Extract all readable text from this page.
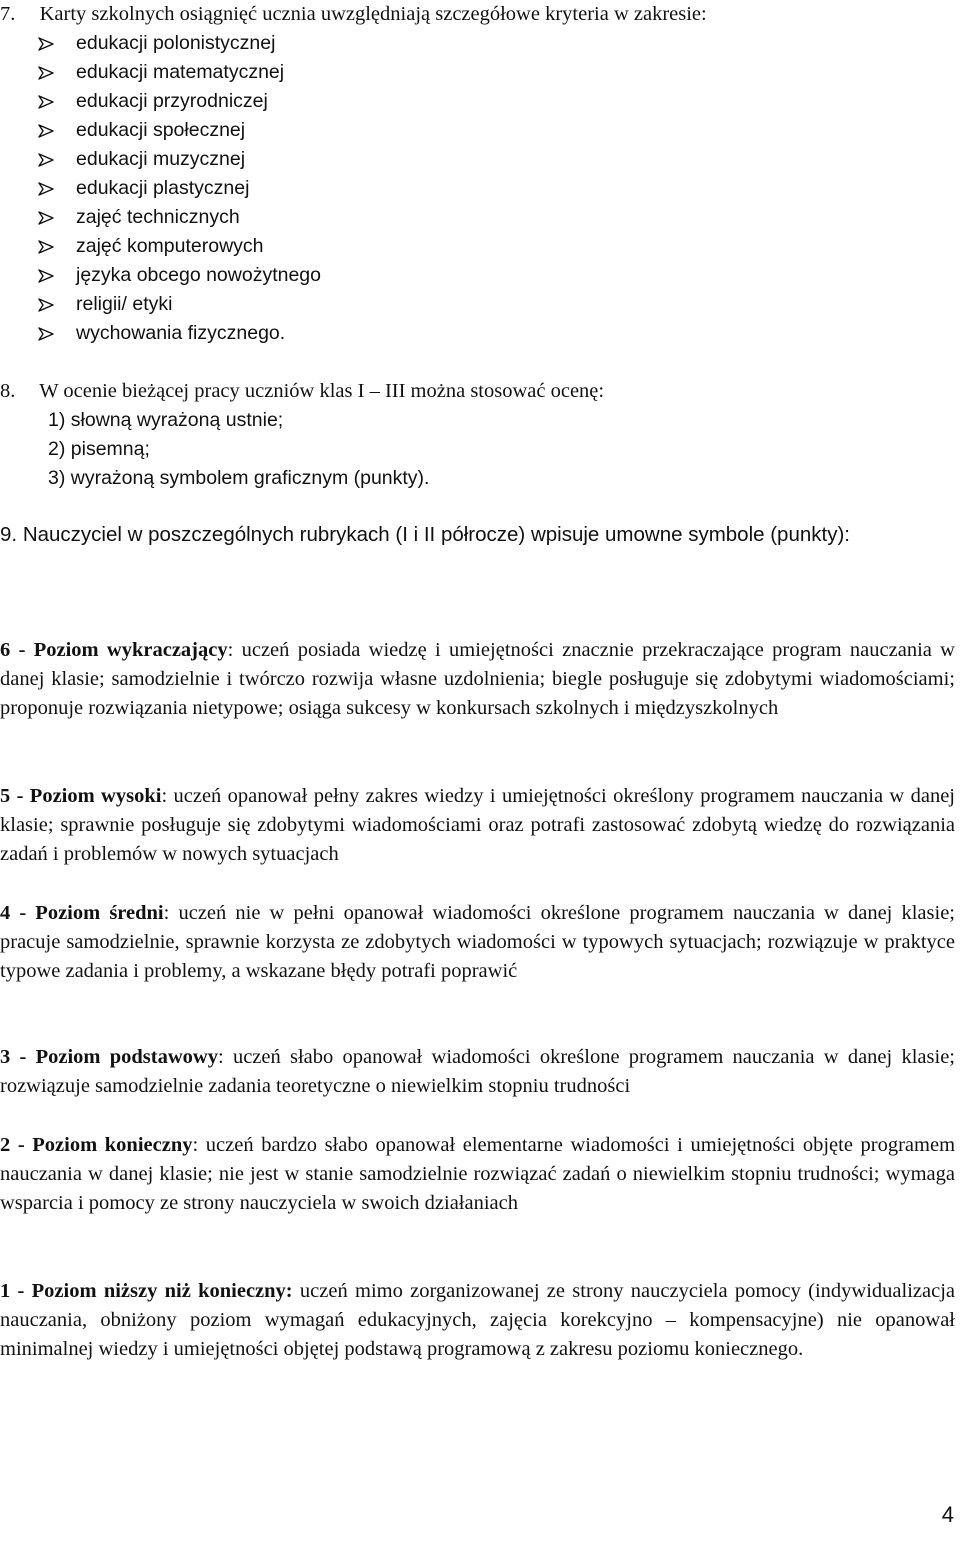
7. Karty szkolnych osiągnięć ucznia uwzględniają szczegółowe kryteria w zakresie:
edukacji polonistycznej
edukacji matematycznej
edukacji przyrodniczej
edukacji społecznej
edukacji muzycznej
edukacji plastycznej
zajęć technicznych
zajęć komputerowych
języka obcego nowożytnego
religii/ etyki
wychowania fizycznego.
8. W ocenie bieżącej pracy uczniów klas I – III można stosować ocenę:
1) słowną wyrażoną ustnie;
2) pisemną;
3) wyrażoną symbolem graficznym (punkty).
9. Nauczyciel w poszczególnych rubrykach (I i II półrocze) wpisuje umowne symbole (punkty):
6 - Poziom wykraczający: uczeń posiada wiedzę i umiejętności znacznie przekraczające program nauczania w danej klasie; samodzielnie i twórczo rozwija własne uzdolnienia; biegle posługuje się zdobytymi wiadomościami; proponuje rozwiązania nietypowe; osiąga sukcesy w konkursach szkolnych i międzyszkolnych
5 - Poziom wysoki: uczeń opanował pełny zakres wiedzy i umiejętności określony programem nauczania w danej klasie; sprawnie posługuje się zdobytymi wiadomościami oraz potrafi zastosować zdobytą wiedzę do rozwiązania zadań i problemów w nowych sytuacjach
4 - Poziom średni: uczeń nie w pełni opanował wiadomości określone programem nauczania w danej klasie; pracuje samodzielnie, sprawnie korzysta ze zdobytych wiadomości w typowych sytuacjach; rozwiązuje w praktyce typowe zadania i problemy, a wskazane błędy potrafi poprawić
3 - Poziom podstawowy: uczeń słabo opanował wiadomości określone programem nauczania w danej klasie; rozwiązuje samodzielnie zadania teoretyczne o niewielkim stopniu trudności
2 - Poziom konieczny: uczeń bardzo słabo opanował elementarne wiadomości i umiejętności objęte programem nauczania w danej klasie; nie jest w stanie samodzielnie rozwiązać zadań o niewielkim stopniu trudności; wymaga wsparcia i pomocy ze strony nauczyciela w swoich działaniach
1 - Poziom niższy niż konieczny: uczeń mimo zorganizowanej ze strony nauczyciela pomocy (indywidualizacja nauczania, obniżony poziom wymagań edukacyjnych, zajęcia korekcyjno – kompensacyjne) nie opanował minimalnej wiedzy i umiejętności objętej podstawą programową z zakresu poziomu koniecznego.
4
